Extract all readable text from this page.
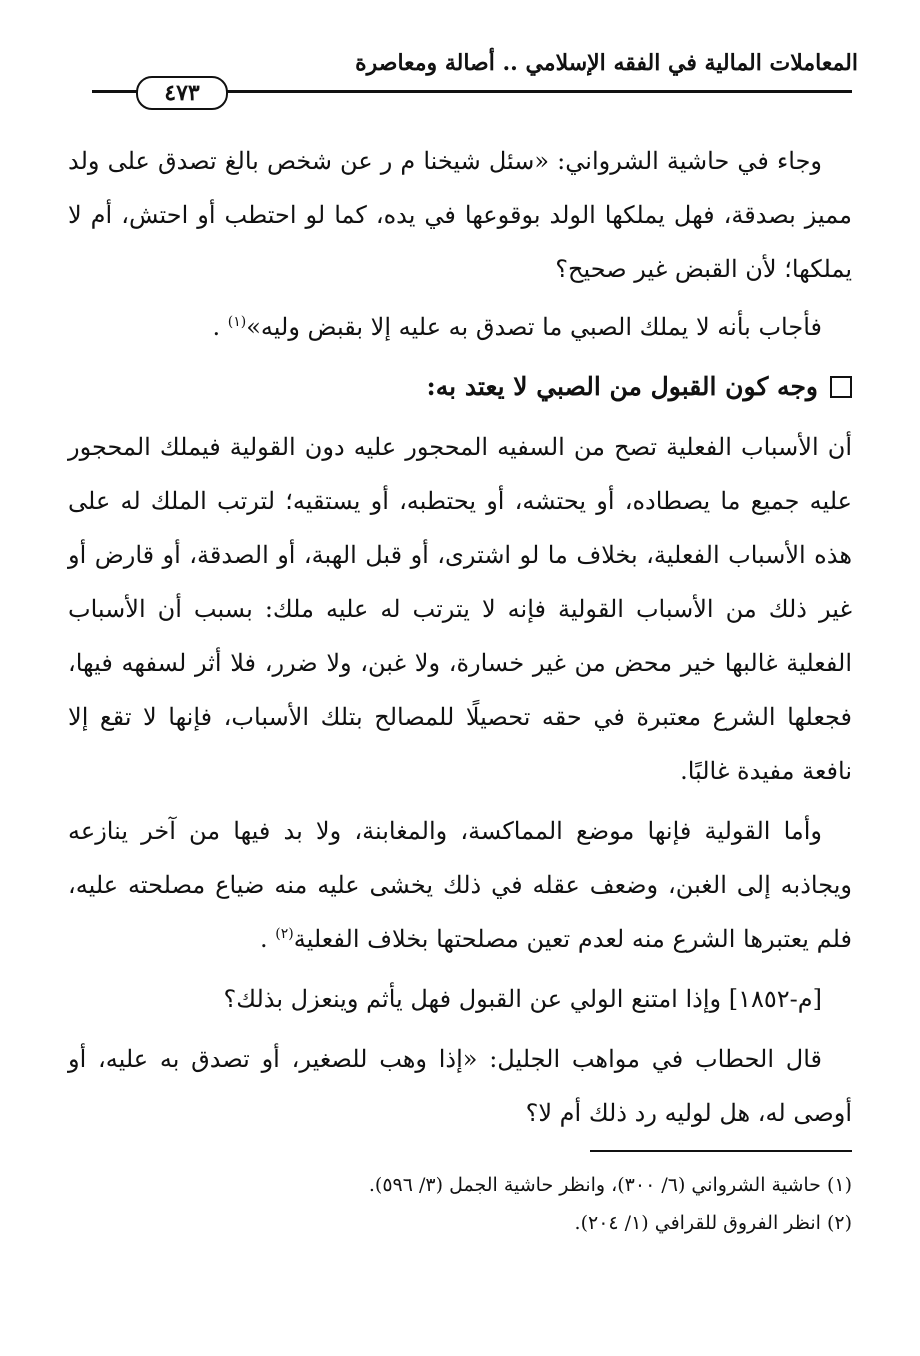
المعاملات المالية في الفقه الإسلامي .. أصالة ومعاصرة
٤٧٣

وجاء في حاشية الشرواني: «سئل شيخنا م ر عن شخص بالغ تصدق على ولد مميز بصدقة، فهل يملكها الولد بوقوعها في يده، كما لو احتطب أو احتش، أم لا يملكها؛ لأن القبض غير صحيح؟

فأجاب بأنه لا يملك الصبي ما تصدق به عليه إلا بقبض وليه»$^{(١)}$ .

وجه كون القبول من الصبي لا يعتد به:

أن الأسباب الفعلية تصح من السفيه المحجور عليه دون القولية فيملك المحجور عليه جميع ما يصطاده، أو يحتشه، أو يحتطبه، أو يستقيه؛ لترتب الملك له على هذه الأسباب الفعلية، بخلاف ما لو اشترى، أو قبل الهبة، أو الصدقة، أو قارض أو غير ذلك من الأسباب القولية فإنه لا يترتب له عليه ملك: بسبب أن الأسباب الفعلية غالبها خير محض من غير خسارة، ولا غبن، ولا ضرر، فلا أثر لسفهه فيها، فجعلها الشرع معتبرة في حقه تحصيلًا للمصالح بتلك الأسباب، فإنها لا تقع إلا نافعة مفيدة غالبًا.

وأما القولية فإنها موضع المماكسة، والمغابنة، ولا بد فيها من آخر ينازعه ويجاذبه إلى الغبن، وضعف عقله في ذلك يخشى عليه منه ضياع مصلحته عليه، فلم يعتبرها الشرع منه لعدم تعين مصلحتها بخلاف الفعلية$^{(٢)}$ .

[م-١٨٥٢] وإذا امتنع الولي عن القبول فهل يأثم وينعزل بذلك؟

قال الحطاب في مواهب الجليل: «إذا وهب للصغير، أو تصدق به عليه، أو أوصى له، هل لوليه رد ذلك أم لا؟

(١) حاشية الشرواني (٦/ ٣٠٠)، وانظر حاشية الجمل (٣/ ٥٩٦).

(٢) انظر الفروق للقرافي (١/ ٢٠٤).
